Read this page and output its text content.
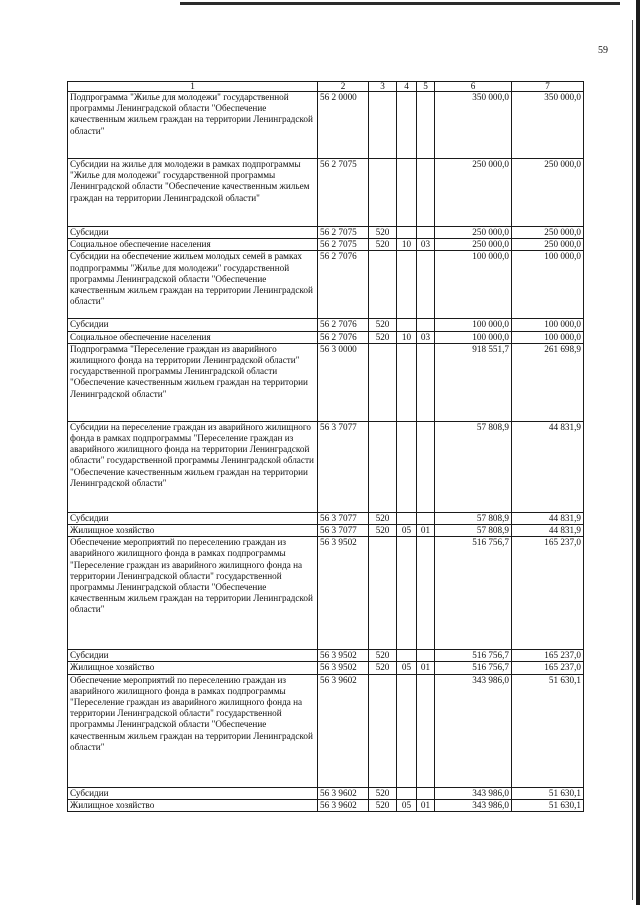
59
1	2	3	4	5	6	7
Подпрограмма "Жилье для молодежи" государственной программы Ленинградской области "Обеспечение качественным жильем граждан на территории Ленинградской области"	56 2 0000				350 000,0	350 000,0
Субсидии на жилье для молодежи в рамках подпрограммы "Жилье для молодежи" государственной программы Ленинградской области "Обеспечение качественным жильем граждан на территории Ленинградской области"	56 2 7075				250 000,0	250 000,0
Субсидии	56 2 7075	520			250 000,0	250 000,0
Социальное обеспечение населения	56 2 7075	520	10	03	250 000,0	250 000,0
Субсидии на обеспечение жильем молодых семей в рамках подпрограммы "Жилье для молодежи" государственной программы Ленинградской области "Обеспечение качественным жильем граждан на территории Ленинградской области"	56 2 7076				100 000,0	100 000,0
Субсидии	56 2 7076	520			100 000,0	100 000,0
Социальное обеспечение населения	56 2 7076	520	10	03	100 000,0	100 000,0
Подпрограмма "Переселение граждан из аварийного жилищного фонда на территории Ленинградской области" государственной программы Ленинградской области "Обеспечение качественным жильем граждан на территории Ленинградской области"	56 3 0000				918 551,7	261 698,9
Субсидии на переселение граждан из аварийного жилищного фонда в рамках подпрограммы "Переселение граждан из аварийного жилищного фонда на территории Ленинградской области" государственной программы Ленинградской области "Обеспечение качественным жильем граждан на территории Ленинградской области"	56 3 7077				57 808,9	44 831,9
Субсидии	56 3 7077	520			57 808,9	44 831,9
Жилищное хозяйство	56 3 7077	520	05	01	57 808,9	44 831,9
Обеспечение мероприятий по переселению граждан из аварийного жилищного фонда в рамках подпрограммы "Переселение граждан из аварийного жилищного фонда на территории Ленинградской области" государственной программы Ленинградской области "Обеспечение качественным жильем граждан на территории Ленинградской области"	56 3 9502				516 756,7	165 237,0
Субсидии	56 3 9502	520			516 756,7	165 237,0
Жилищное хозяйство	56 3 9502	520	05	01	516 756,7	165 237,0
Обеспечение мероприятий по переселению граждан из аварийного жилищного фонда в рамках подпрограммы "Переселение граждан из аварийного жилищного фонда на территории Ленинградской области" государственной программы Ленинградской области "Обеспечение качественным жильем граждан на территории Ленинградской области"	56 3 9602				343 986,0	51 630,1
Субсидии	56 3 9602	520			343 986,0	51 630,1
Жилищное хозяйство	56 3 9602	520	05	01	343 986,0	51 630,1
